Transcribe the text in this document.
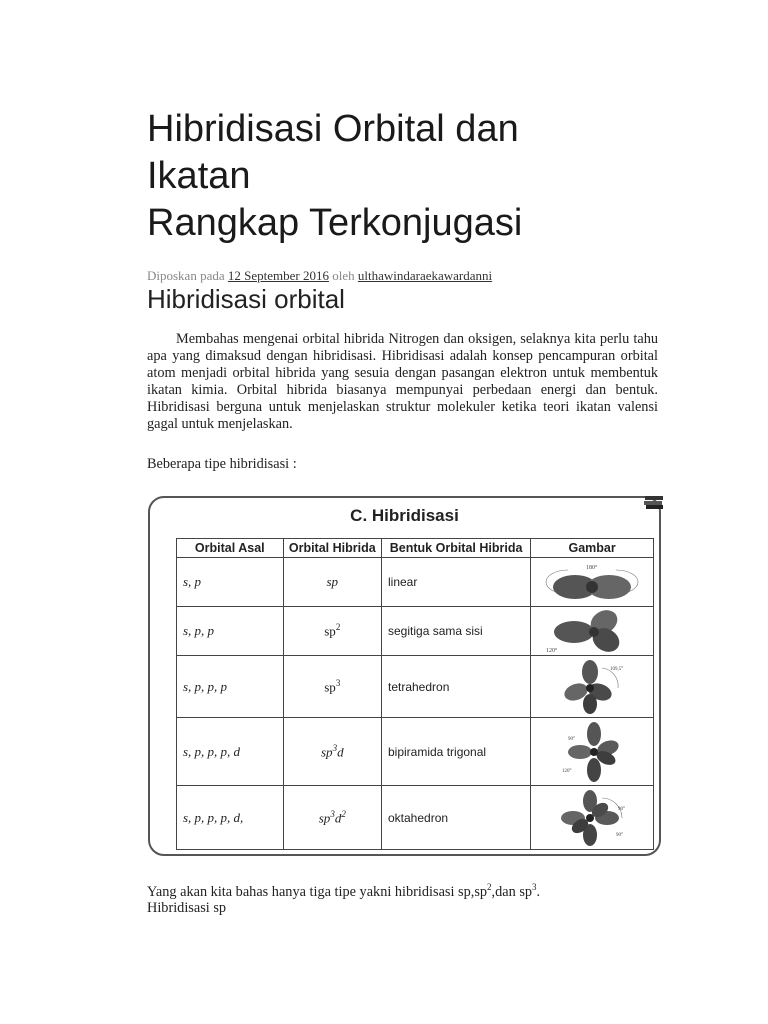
Hibridisasi Orbital dan
Ikatan
Rangkap Terkonjugasi
Diposkan pada 12 September 2016 oleh ulthawindaraekawardanni
Hibridisasi orbital

Membahas mengenai orbital hibrida Nitrogen dan oksigen, selaknya kita perlu tahu apa yang dimaksud dengan hibridisasi. Hibridisasi adalah konsep pencampuran orbital atom menjadi orbital hibrida yang sesuia dengan pasangan elektron untuk membentuk ikatan kimia. Orbital hibrida biasanya mempunyai perbedaan energi dan bentuk. Hibridisasi berguna untuk menjelaskan struktur molekuler ketika teori ikatan valensi gagal untuk menjelaskan.

Beberapa tipe hibridisasi :

C. Hibridisasi
Orbital Asal	Orbital Hibrida	Bentuk Orbital Hibrida	Gambar
s, p	sp	linear	180°

s, p, p	$sp^2$	segitiga sama sisi	120°

s, p, p, p	$sp^3$	tetrahedron	109,5°

s, p, p, p, d	$sp^3d$	bipiramida trigonal	90°
120°

s, p, p, p, d,	$sp^3d^2$	oktahedron	90°
90°

Yang akan kita bahas hanya tiga tipe yakni hibridisasi $sp,sp^2,dan$ $sp^3$.

Hibridisasi sp
